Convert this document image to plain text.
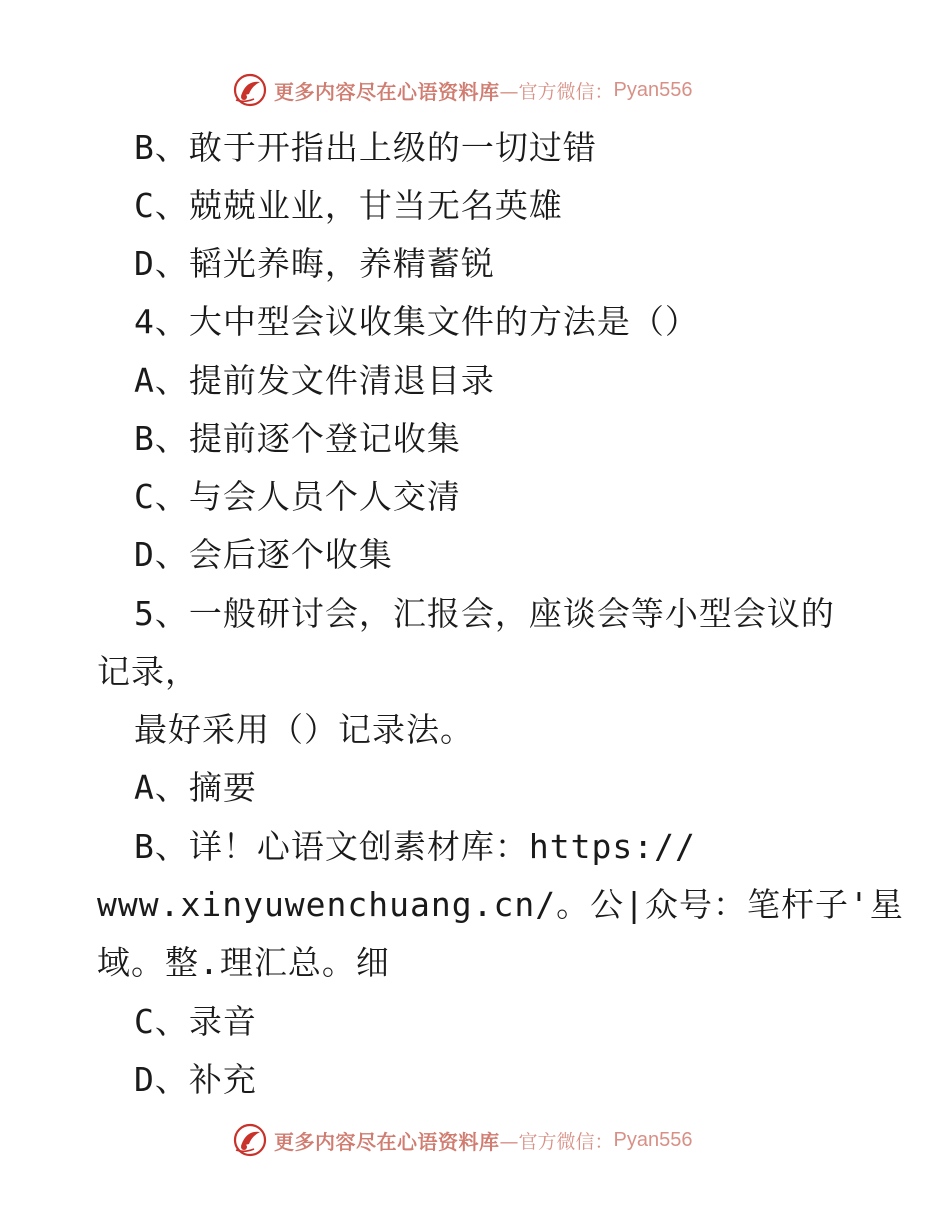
更多内容尽在心语资料库 —官方微信： Pyan556
B、敢于开指出上级的一切过错
C、兢兢业业，甘当无名英雄
D、韬光养晦，养精蓄锐
4、大中型会议收集文件的方法是（）
A、提前发文件清退目录
B、提前逐个登记收集
C、与会人员个人交清
D、会后逐个收集
5、一般研讨会，汇报会，座谈会等小型会议的
记录，
最好采用（）记录法。
A、摘要
B、详！心语文创素材库：https://
www.xinyuwenchuang.cn/。公|众号：笔杆子'星
域。整.理汇总。细
C、录音
D、补充
更多内容尽在心语资料库 —官方微信： Pyan556
